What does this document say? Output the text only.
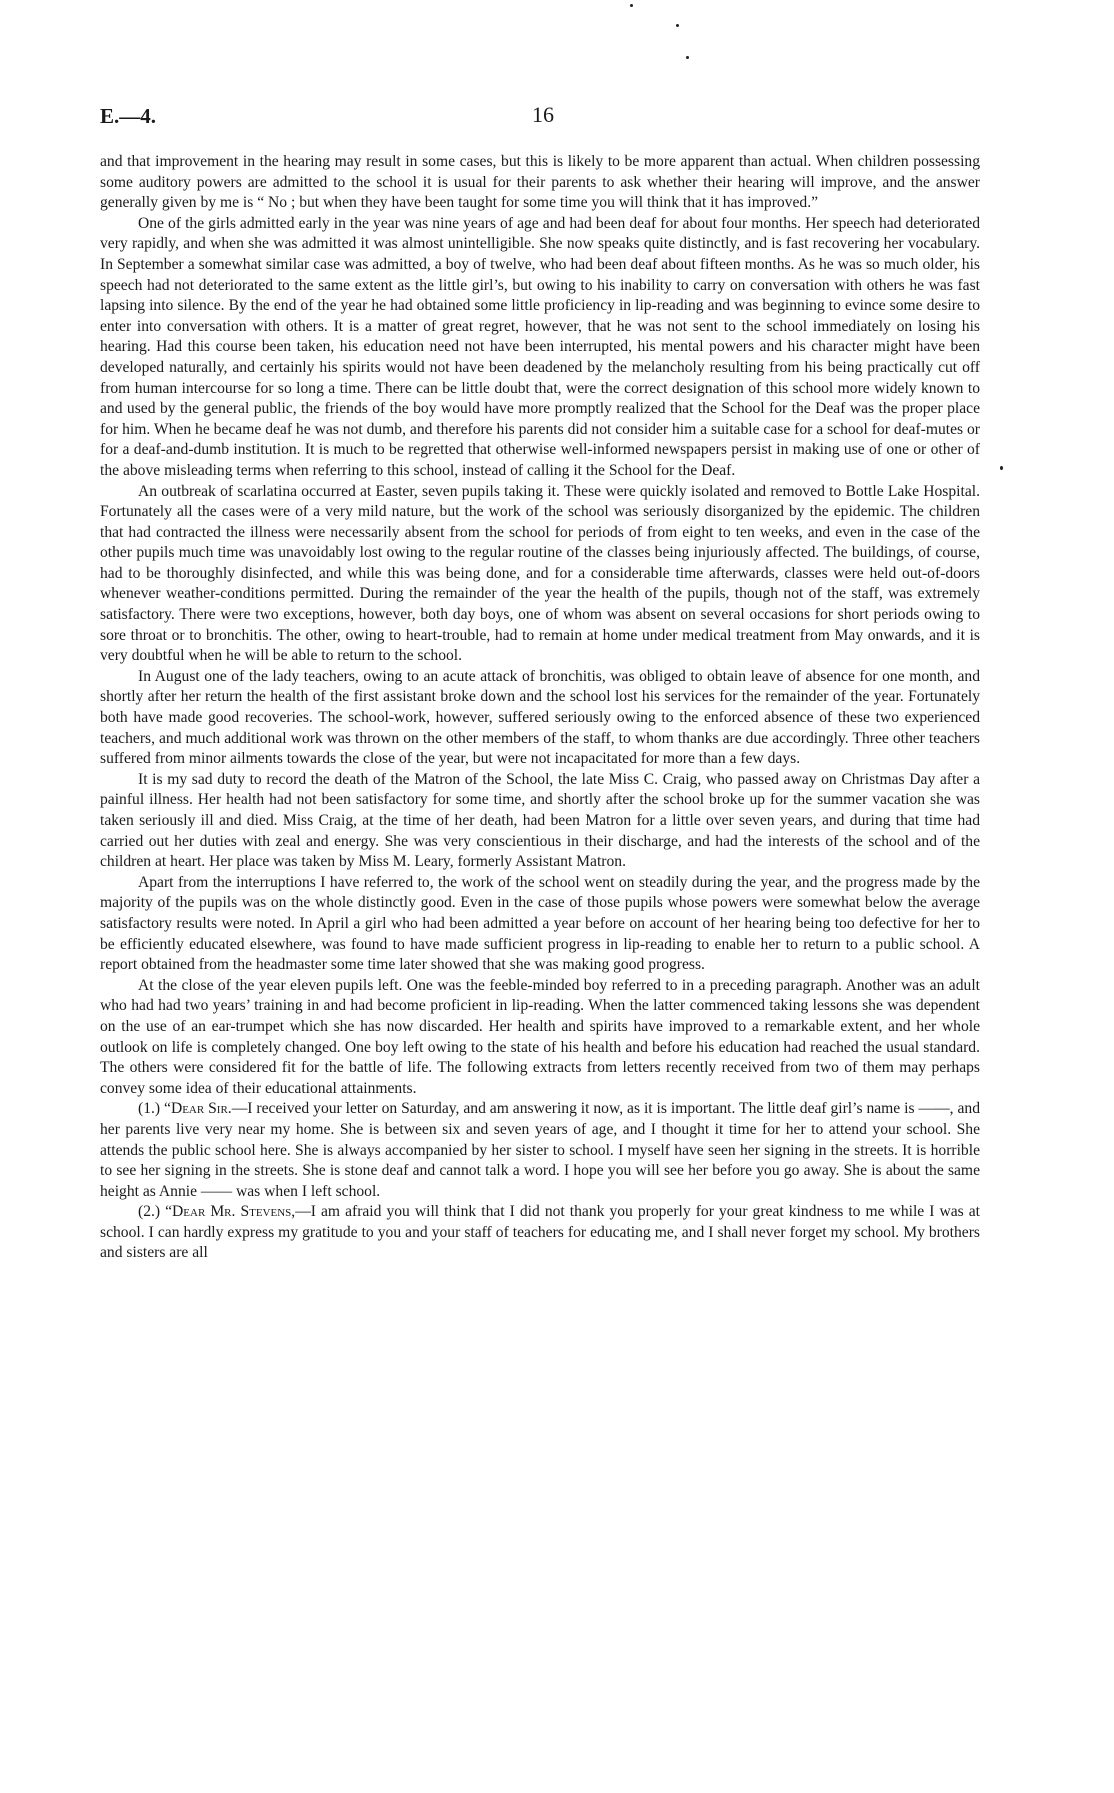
E.—4.	16

and that improvement in the hearing may result in some cases, but this is likely to be more apparent than actual. When children possessing some auditory powers are admitted to the school it is usual for their parents to ask whether their hearing will improve, and the answer generally given by me is “ No ; but when they have been taught for some time you will think that it has improved.”

One of the girls admitted early in the year was nine years of age and had been deaf for about four months. Her speech had deteriorated very rapidly, and when she was admitted it was almost unintelligible. She now speaks quite distinctly, and is fast recovering her vocabulary. In September a somewhat similar case was admitted, a boy of twelve, who had been deaf about fifteen months. As he was so much older, his speech had not deteriorated to the same extent as the little girl’s, but owing to his inability to carry on conversation with others he was fast lapsing into silence. By the end of the year he had obtained some little proficiency in lip-reading and was beginning to evince some desire to enter into conversation with others. It is a matter of great regret, however, that he was not sent to the school immediately on losing his hearing. Had this course been taken, his education need not have been interrupted, his mental powers and his character might have been developed naturally, and certainly his spirits would not have been deadened by the melancholy resulting from his being practically cut off from human intercourse for so long a time. There can be little doubt that, were the correct designation of this school more widely known to and used by the general public, the friends of the boy would have more promptly realized that the School for the Deaf was the proper place for him. When he became deaf he was not dumb, and therefore his parents did not consider him a suitable case for a school for deaf-mutes or for a deaf-and-dumb institution. It is much to be regretted that otherwise well-informed newspapers persist in making use of one or other of the above misleading terms when referring to this school, instead of calling it the School for the Deaf.

An outbreak of scarlatina occurred at Easter, seven pupils taking it. These were quickly isolated and removed to Bottle Lake Hospital. Fortunately all the cases were of a very mild nature, but the work of the school was seriously disorganized by the epidemic. The children that had contracted the illness were necessarily absent from the school for periods of from eight to ten weeks, and even in the case of the other pupils much time was unavoidably lost owing to the regular routine of the classes being injuriously affected. The buildings, of course, had to be thoroughly disinfected, and while this was being done, and for a considerable time afterwards, classes were held out-of-doors whenever weather-conditions permitted. During the remainder of the year the health of the pupils, though not of the staff, was extremely satisfactory. There were two exceptions, however, both day boys, one of whom was absent on several occasions for short periods owing to sore throat or to bronchitis. The other, owing to heart-trouble, had to remain at home under medical treatment from May onwards, and it is very doubtful when he will be able to return to the school.

In August one of the lady teachers, owing to an acute attack of bronchitis, was obliged to obtain leave of absence for one month, and shortly after her return the health of the first assistant broke down and the school lost his services for the remainder of the year. Fortunately both have made good recoveries. The school-work, however, suffered seriously owing to the enforced absence of these two experienced teachers, and much additional work was thrown on the other members of the staff, to whom thanks are due accordingly. Three other teachers suffered from minor ailments towards the close of the year, but were not incapacitated for more than a few days.

It is my sad duty to record the death of the Matron of the School, the late Miss C. Craig, who passed away on Christmas Day after a painful illness. Her health had not been satisfactory for some time, and shortly after the school broke up for the summer vacation she was taken seriously ill and died. Miss Craig, at the time of her death, had been Matron for a little over seven years, and during that time had carried out her duties with zeal and energy. She was very conscientious in their discharge, and had the interests of the school and of the children at heart. Her place was taken by Miss M. Leary, formerly Assistant Matron.

Apart from the interruptions I have referred to, the work of the school went on steadily during the year, and the progress made by the majority of the pupils was on the whole distinctly good. Even in the case of those pupils whose powers were somewhat below the average satisfactory results were noted. In April a girl who had been admitted a year before on account of her hearing being too defective for her to be efficiently educated elsewhere, was found to have made sufficient progress in lip-reading to enable her to return to a public school. A report obtained from the headmaster some time later showed that she was making good progress.

At the close of the year eleven pupils left. One was the feeble-minded boy referred to in a preceding paragraph. Another was an adult who had had two years’ training in and had become proficient in lip-reading. When the latter commenced taking lessons she was dependent on the use of an ear-trumpet which she has now discarded. Her health and spirits have improved to a remarkable extent, and her whole outlook on life is completely changed. One boy left owing to the state of his health and before his education had reached the usual standard. The others were considered fit for the battle of life. The following extracts from letters recently received from two of them may perhaps convey some idea of their educational attainments.

(1.) “Dear Sir.—I received your letter on Saturday, and am answering it now, as it is important. The little deaf girl’s name is ——, and her parents live very near my home. She is between six and seven years of age, and I thought it time for her to attend your school. She attends the public school here. She is always accompanied by her sister to school. I myself have seen her signing in the streets. It is horrible to see her signing in the streets. She is stone deaf and cannot talk a word. I hope you will see her before you go away. She is about the same height as Annie —— was when I left school.

(2.) “Dear Mr. Stevens,—I am afraid you will think that I did not thank you properly for your great kindness to me while I was at school. I can hardly express my gratitude to you and your staff of teachers for educating me, and I shall never forget my school. My brothers and sisters are all
